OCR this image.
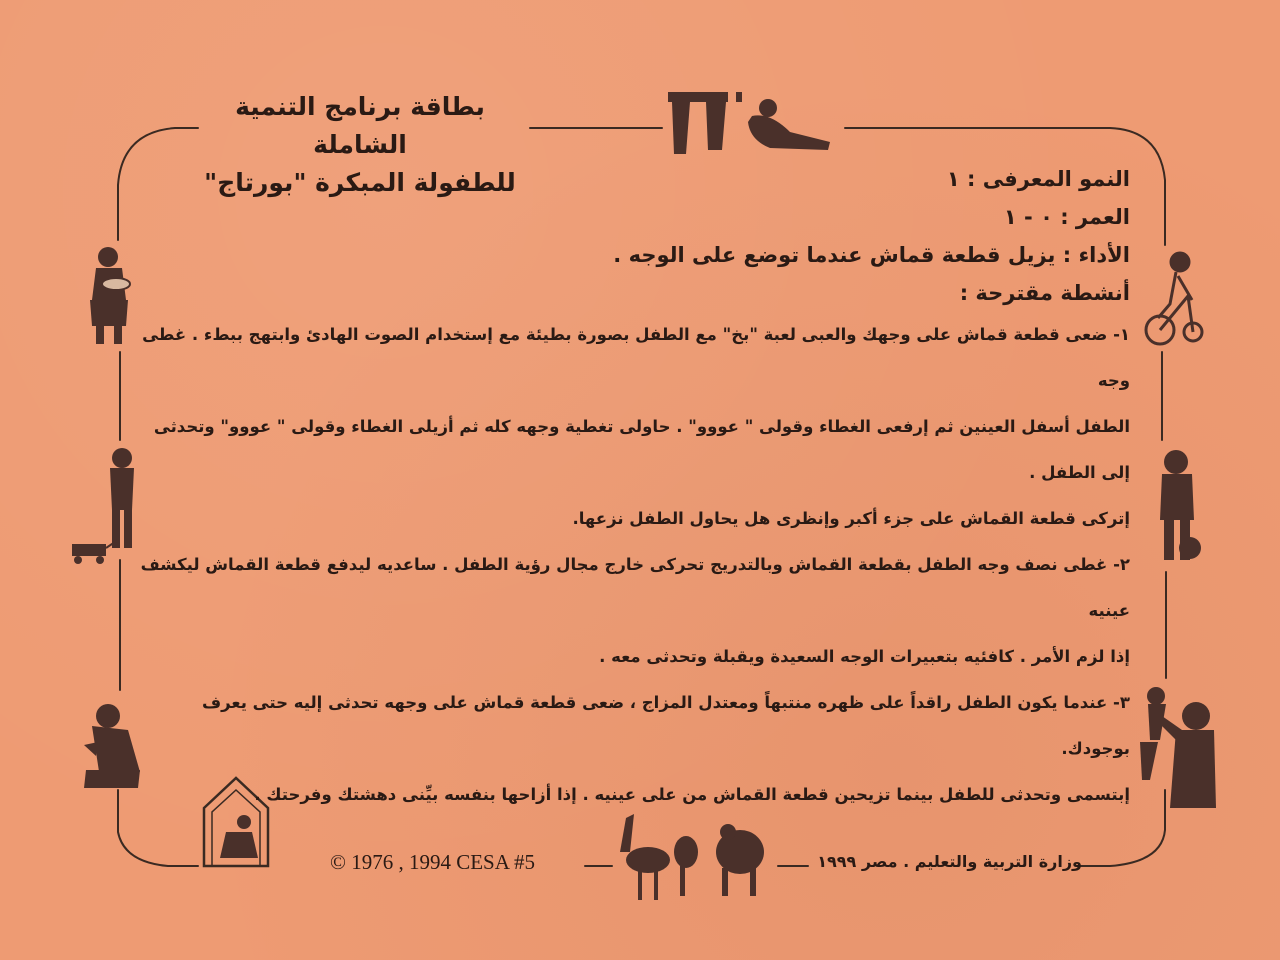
بطاقة برنامج التنمية الشاملة
للطفولة المبكرة "بورتاج"	النمو المعرفى : ١

العمر : ٠ - ١

الأداء : يزيل قطعة قماش عندما توضع على الوجه .

أنشطة مقترحة :

١- ضعى قطعة قماش على وجهك والعبى لعبة "بخ" مع الطفل بصورة بطيئة مع إستخدام الصوت الهادئ وابتهج ببطء . غطى وجه

الطفل أسفل العينين ثم إرفعى الغطاء وقولى " عووو" . حاولى تغطية وجهه كله ثم أزيلى الغطاء وقولى " عووو" وتحدثى إلى الطفل .

إتركى قطعة القماش على جزء أكبر وإنظرى هل يحاول الطفل نزعها.

٢- غطى نصف وجه الطفل بقطعة القماش وبالتدريج تحركى خارج مجال رؤية الطفل . ساعديه ليدفع قطعة القماش ليكشف عينيه

إذا لزم الأمر . كافئيه بتعبيرات الوجه السعيدة ويقبلة وتحدثى معه .

٣- عندما يكون الطفل راقداً على ظهره منتبهاً ومعتدل المزاج ، ضعى قطعة قماش على وجهه تحدثى إليه حتى يعرف بوجودك.

إبتسمى وتحدثى للطفل بينما تزيحين قطعة القماش من على عينيه . إذا أزاحها بنفسه بيِّنى دهشتك وفرحتك .

© 1976 , 1994 CESA #5	وزارة التربية والتعليم . مصر ١٩٩٩
